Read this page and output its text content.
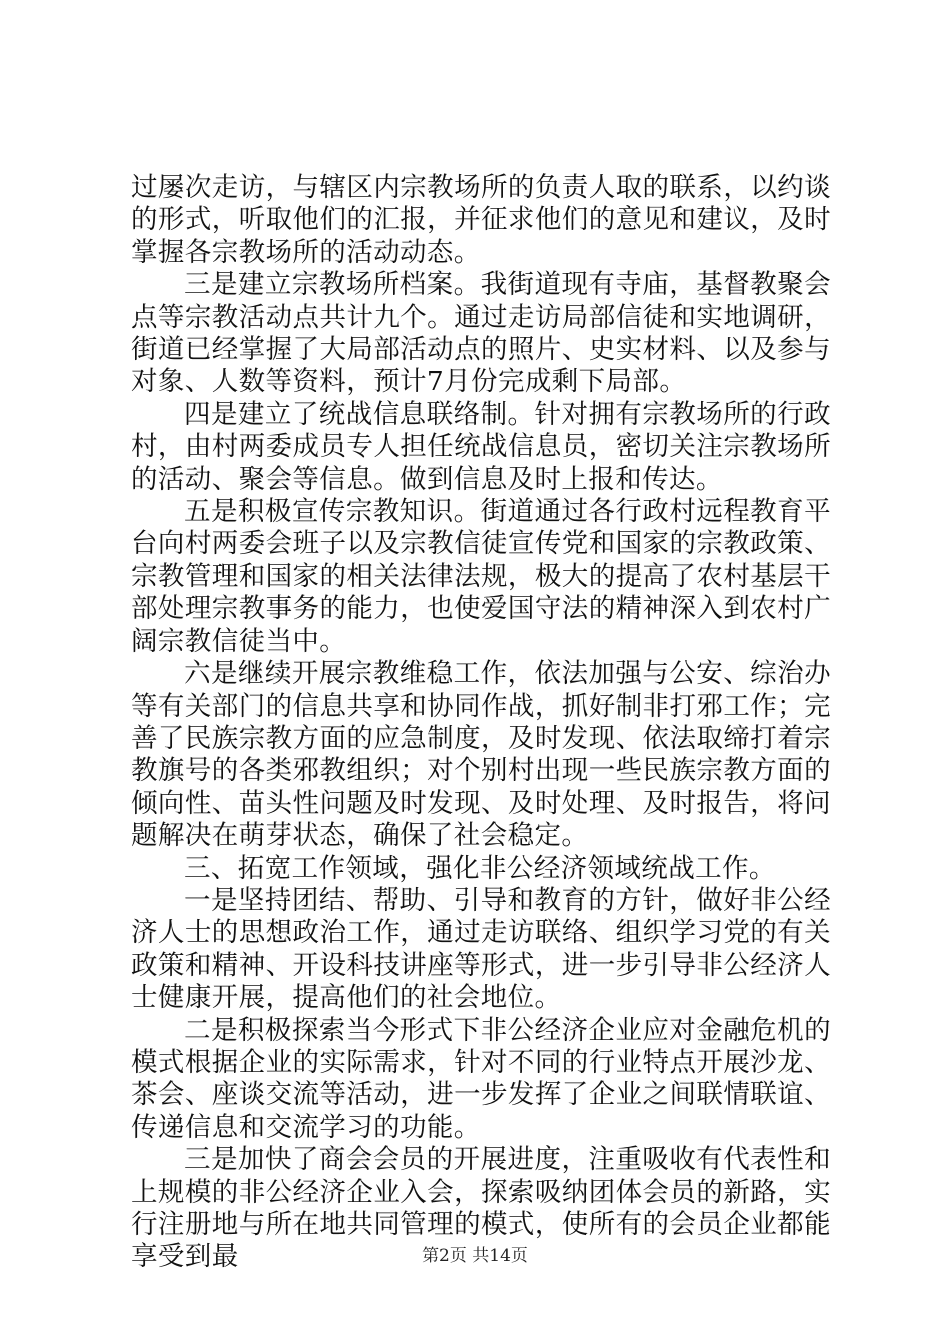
过屡次走访，与辖区内宗教场所的负责人取的联系，以约谈的形式，听取他们的汇报，并征求他们的意见和建议，及时掌握各宗教场所的活动动态。

三是建立宗教场所档案。我街道现有寺庙，基督教聚会点等宗教活动点共计九个。通过走访局部信徒和实地调研，街道已经掌握了大局部活动点的照片、史实材料、以及参与对象、人数等资料，预计7月份完成剩下局部。

四是建立了统战信息联络制。针对拥有宗教场所的行政村，由村两委成员专人担任统战信息员，密切关注宗教场所的活动、聚会等信息。做到信息及时上报和传达。

五是积极宣传宗教知识。街道通过各行政村远程教育平台向村两委会班子以及宗教信徒宣传党和国家的宗教政策、宗教管理和国家的相关法律法规，极大的提高了农村基层干部处理宗教事务的能力，也使爱国守法的精神深入到农村广阔宗教信徒当中。

六是继续开展宗教维稳工作，依法加强与公安、综治办等有关部门的信息共享和协同作战，抓好制非打邪工作；完善了民族宗教方面的应急制度，及时发现、依法取缔打着宗教旗号的各类邪教组织；对个别村出现一些民族宗教方面的倾向性、苗头性问题及时发现、及时处理、及时报告，将问题解决在萌芽状态，确保了社会稳定。

三、拓宽工作领域，强化非公经济领域统战工作。

一是坚持团结、帮助、引导和教育的方针，做好非公经济人士的思想政治工作，通过走访联络、组织学习党的有关政策和精神、开设科技讲座等形式，进一步引导非公经济人士健康开展，提高他们的社会地位。

二是积极探索当今形式下非公经济企业应对金融危机的模式根据企业的实际需求，针对不同的行业特点开展沙龙、茶会、座谈交流等活动，进一步发挥了企业之间联情联谊、传递信息和交流学习的功能。

三是加快了商会会员的开展进度，注重吸收有代表性和上规模的非公经济企业入会，探索吸纳团体会员的新路，实行注册地与所在地共同管理的模式，使所有的会员企业都能享受到最	第2页 共14页
